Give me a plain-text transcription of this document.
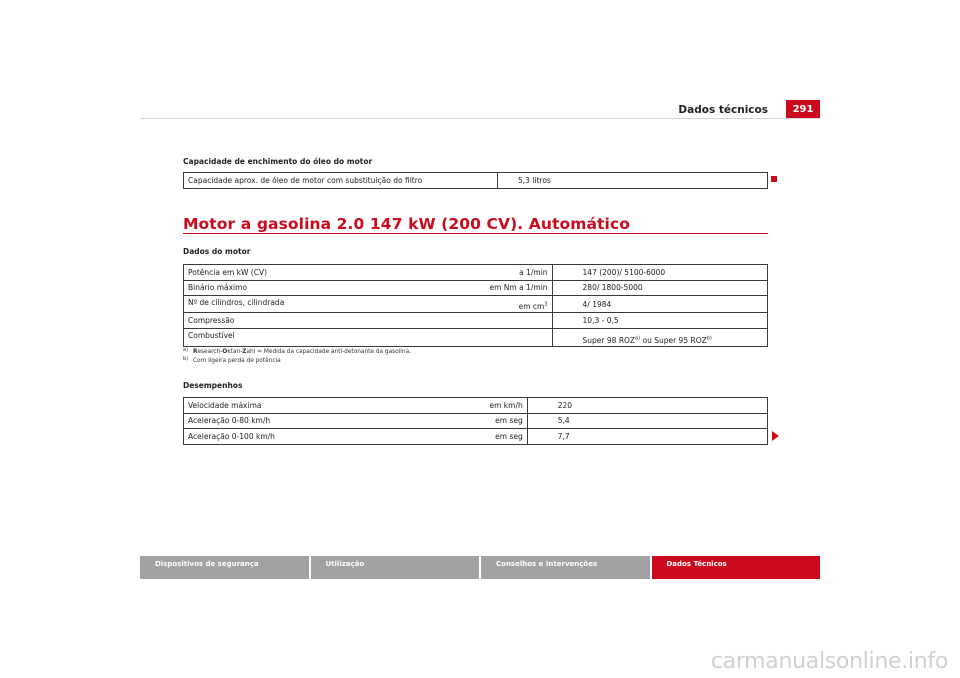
Dados técnicos	291
Capacidade de enchimento do óleo do motor
Capacidade aprox. de óleo de motor com substituição do filtro	5,3 litros
Motor a gasolina 2.0 147 kW (200 CV). Automático
Dados do motor
Potência em kW (CV)	a 1/min	147 (200)/ 5100-6000
Binário máximo	em Nm a 1/min	280/ 1800-5000
Nº de cilindros, cilindrada	em $cm^3$	4/ 1984
Compressão		10,3 - 0,5
Combustível		Super 98 ROZ$^{a)}$ ou Super 95 ROZ$^{b)}$
a) Research-Oktan-Zahl = Medida da capacidade anti-detonante da gasolina.
b) Com ligeira perda de potência
Desempenhos
Velocidade máxima	em km/h	220
Aceleração 0-80 km/h	em seg	5,4
Aceleração 0-100 km/h	em seg	7,7
Dispositivos de segurança	Utilização	Conselhos e Intervenções	Dados Técnicos
carmanualsonline.info
